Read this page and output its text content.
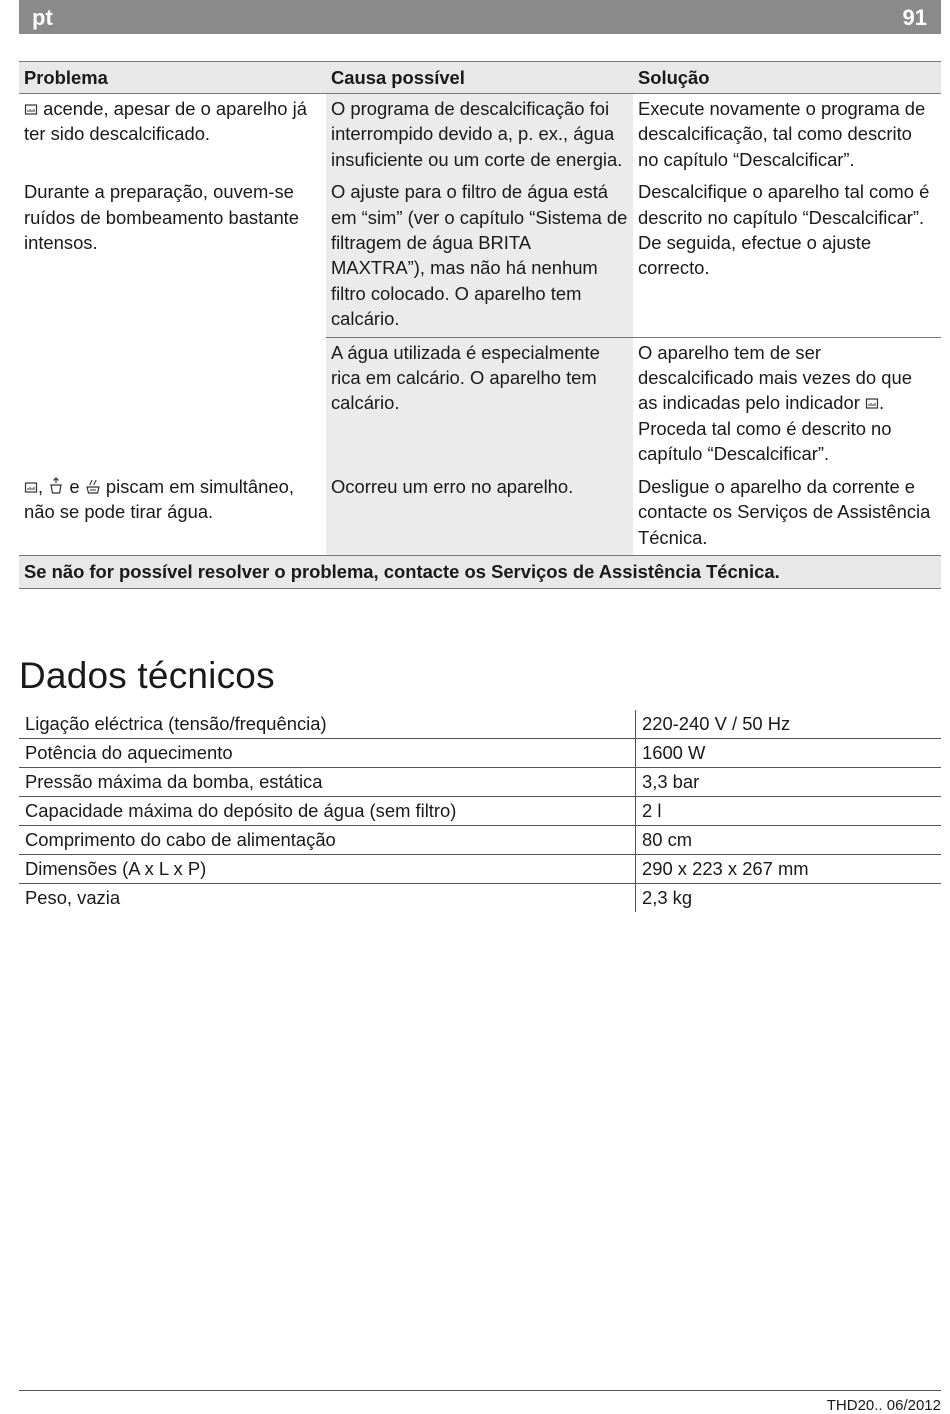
pt	91
Problema	Causa possível	Solução
acende, apesar de o aparelho já ter sido descalcificado.	O programa de descalcificação foi interrompido devido a, p. ex., água insuficiente ou um corte de energia.	Execute novamente o programa de descalcificação, tal como descrito no capítulo “Descalcificar”.
Durante a preparação, ouvem-se ruídos de bombeamento bastante intensos.	O ajuste para o filtro de água está em “sim” (ver o capítulo “Sistema de filtragem de água BRITA MAXTRA”), mas não há nenhum filtro colocado. O aparelho tem calcário.	Descalcifique o aparelho tal como é descrito no capítulo “Descalcificar”. De seguida, efectue o ajuste correcto.
	A água utilizada é especialmente rica em calcário. O aparelho tem calcário.	O aparelho tem de ser descalcificado mais vezes do que as indicadas pelo indicador . Proceda tal como é descrito no capítulo “Descalcificar”.
, e piscam em simultâneo, não se pode tirar água.	Ocorreu um erro no aparelho.	Desligue o aparelho da corrente e contacte os Serviços de Assistência Técnica.
Se não for possível resolver o problema, contacte os Serviços de Assistência Técnica.		
Dados técnicos
Ligação eléctrica (tensão/frequência)	220-240 V / 50 Hz
Potência do aquecimento	1600 W
Pressão máxima da bomba, estática	3,3 bar
Capacidade máxima do depósito de água (sem filtro)	2 l
Comprimento do cabo de alimentação	80 cm
Dimensões (A x L x P)	290 x 223 x 267 mm
Peso, vazia	2,3 kg
THD20.. 06/2012
